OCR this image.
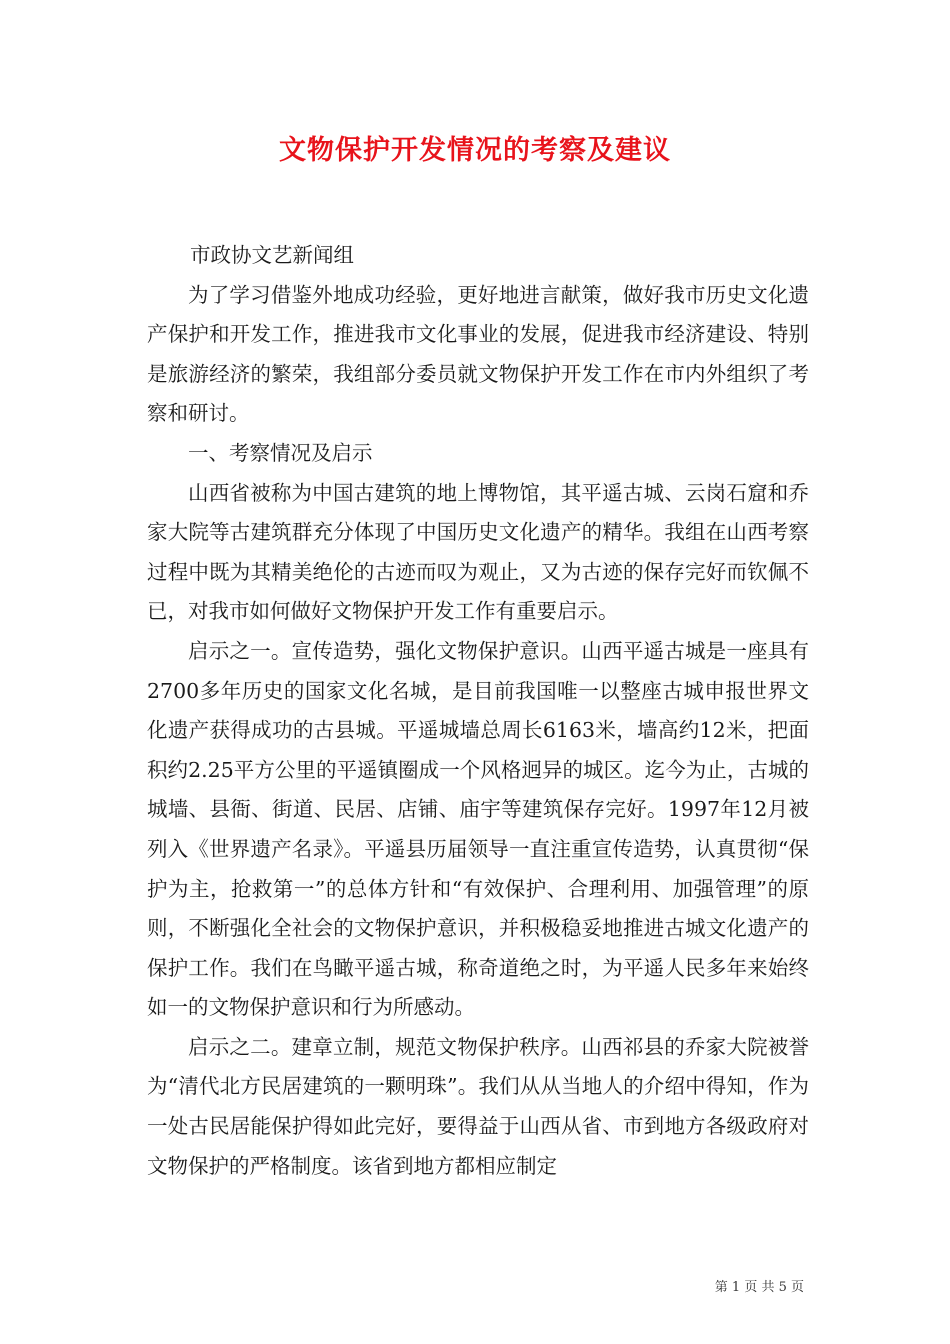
文物保护开发情况的考察及建议

市政协文艺新闻组

为了学习借鉴外地成功经验，更好地进言献策，做好我市历史文化遗产保护和开发工作，推进我市文化事业的发展，促进我市经济建设、特别是旅游经济的繁荣，我组部分委员就文物保护开发工作在市内外组织了考察和研讨。

一、考察情况及启示

山西省被称为中国古建筑的地上博物馆，其平遥古城、云岗石窟和乔家大院等古建筑群充分体现了中国历史文化遗产的精华。我组在山西考察过程中既为其精美绝伦的古迹而叹为观止，又为古迹的保存完好而钦佩不已，对我市如何做好文物保护开发工作有重要启示。

启示之一。宣传造势，强化文物保护意识。山西平遥古城是一座具有2700多年历史的国家文化名城，是目前我国唯一以整座古城申报世界文化遗产获得成功的古县城。平遥城墙总周长6163米，墙高约12米，把面积约2.25平方公里的平遥镇圈成一个风格迥异的城区。迄今为止，古城的城墙、县衙、街道、民居、店铺、庙宇等建筑保存完好。1997年12月被列入《世界遗产名录》。平遥县历届领导一直注重宣传造势，认真贯彻“保护为主，抢救第一”的总体方针和“有效保护、合理利用、加强管理”的原则，不断强化全社会的文物保护意识，并积极稳妥地推进古城文化遗产的保护工作。我们在鸟瞰平遥古城，称奇道绝之时，为平遥人民多年来始终如一的文物保护意识和行为所感动。

启示之二。建章立制，规范文物保护秩序。山西祁县的乔家大院被誉为“清代北方民居建筑的一颗明珠”。我们从从当地人的介绍中得知，作为一处古民居能保护得如此完好，要得益于山西从省、市到地方各级政府对文物保护的严格制度。该省到地方都相应制定

第 1 页 共 5 页
